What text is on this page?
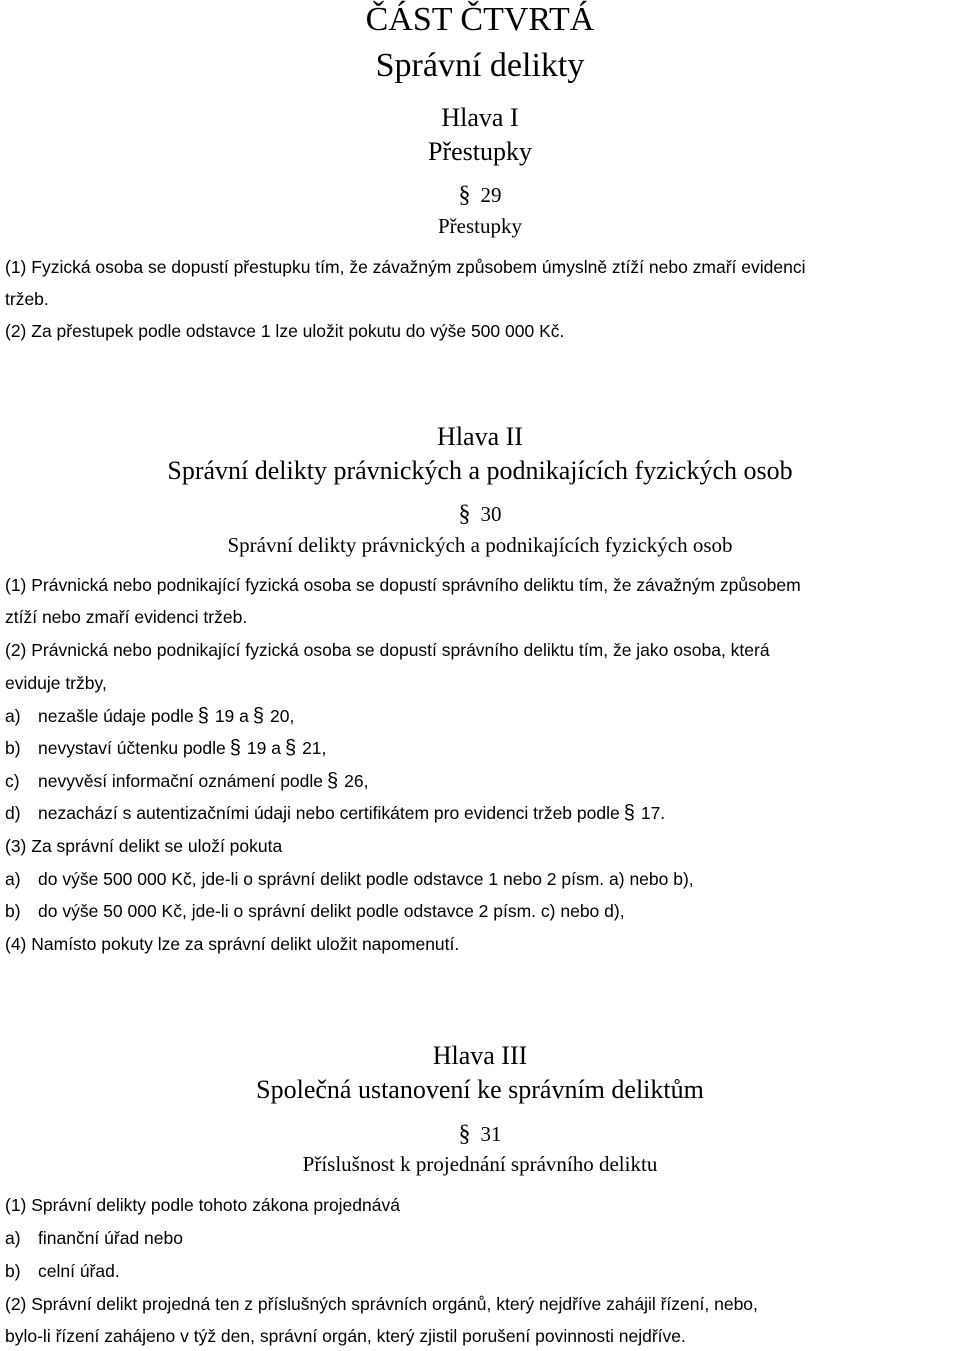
ČÁST ČTVRTÁ
Správní delikty
Hlava I
Přestupky
§ 29
Přestupky
(1) Fyzická osoba se dopustí přestupku tím, že závažným způsobem úmyslně ztíží nebo zmaří evidenci
tržeb.
(2) Za přestupek podle odstavce 1 lze uložit pokutu do výše 500 000 Kč.
Hlava II
Správní delikty právnických a podnikajících fyzických osob
§ 30
Správní delikty právnických a podnikajících fyzických osob
(1) Právnická nebo podnikající fyzická osoba se dopustí správního deliktu tím, že závažným způsobem
ztíží nebo zmaří evidenci tržeb.
(2) Právnická nebo podnikající fyzická osoba se dopustí správního deliktu tím, že jako osoba, která
eviduje tržby,
a) nezašle údaje podle § 19 a § 20,
b) nevystaví účtenku podle § 19 a § 21,
c) nevyvěsí informační oznámení podle § 26,
d) nezachází s autentizačními údaji nebo certifikátem pro evidenci tržeb podle § 17.
(3) Za správní delikt se uloží pokuta
a) do výše 500 000 Kč, jde-li o správní delikt podle odstavce 1 nebo 2 písm. a) nebo b),
b) do výše 50 000 Kč, jde-li o správní delikt podle odstavce 2 písm. c) nebo d),
(4) Namísto pokuty lze za správní delikt uložit napomenutí.
Hlava III
Společná ustanovení ke správním deliktům
§ 31
Příslušnost k projednání správního deliktu
(1) Správní delikty podle tohoto zákona projednává
a) finanční úřad nebo
b) celní úřad.
(2) Správní delikt projedná ten z příslušných správních orgánů, který nejdříve zahájil řízení, nebo,
bylo-li řízení zahájeno v týž den, správní orgán, který zjistil porušení povinnosti nejdříve.
